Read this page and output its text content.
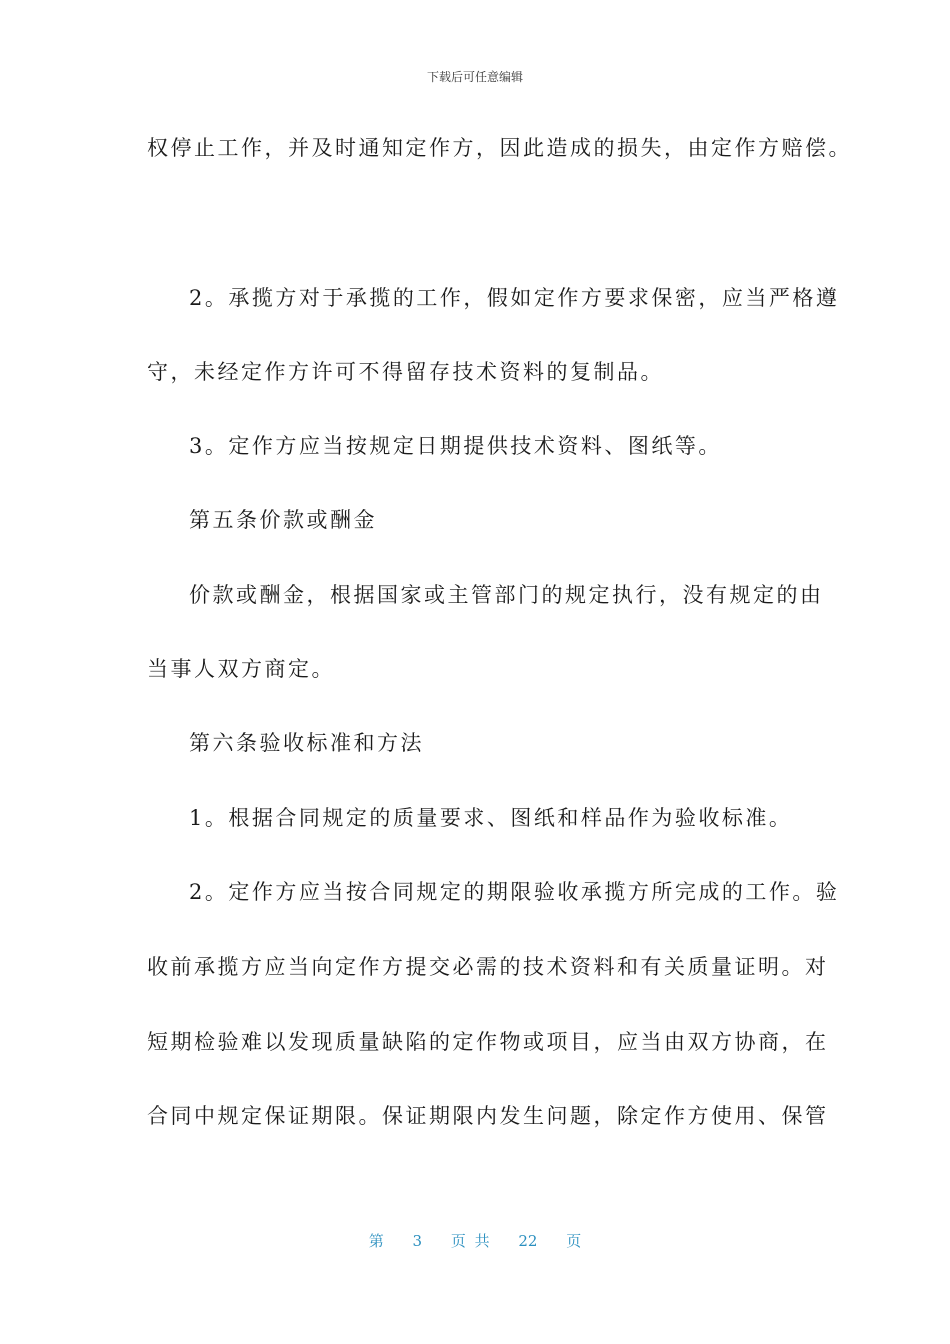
下载后可任意编辑
权停止工作，并及时通知定作方，因此造成的损失，由定作方赔偿。
2。承揽方对于承揽的工作，假如定作方要求保密，应当严格遵
守，未经定作方许可不得留存技术资料的复制品。
3。定作方应当按规定日期提供技术资料、图纸等。
第五条价款或酬金
价款或酬金，根据国家或主管部门的规定执行，没有规定的由
当事人双方商定。
第六条验收标准和方法
1。根据合同规定的质量要求、图纸和样品作为验收标准。
2。定作方应当按合同规定的期限验收承揽方所完成的工作。验
收前承揽方应当向定作方提交必需的技术资料和有关质量证明。对
短期检验难以发现质量缺陷的定作物或项目，应当由双方协商，在
合同中规定保证期限。保证期限内发生问题，除定作方使用、保管
第 3 页 共 22 页
